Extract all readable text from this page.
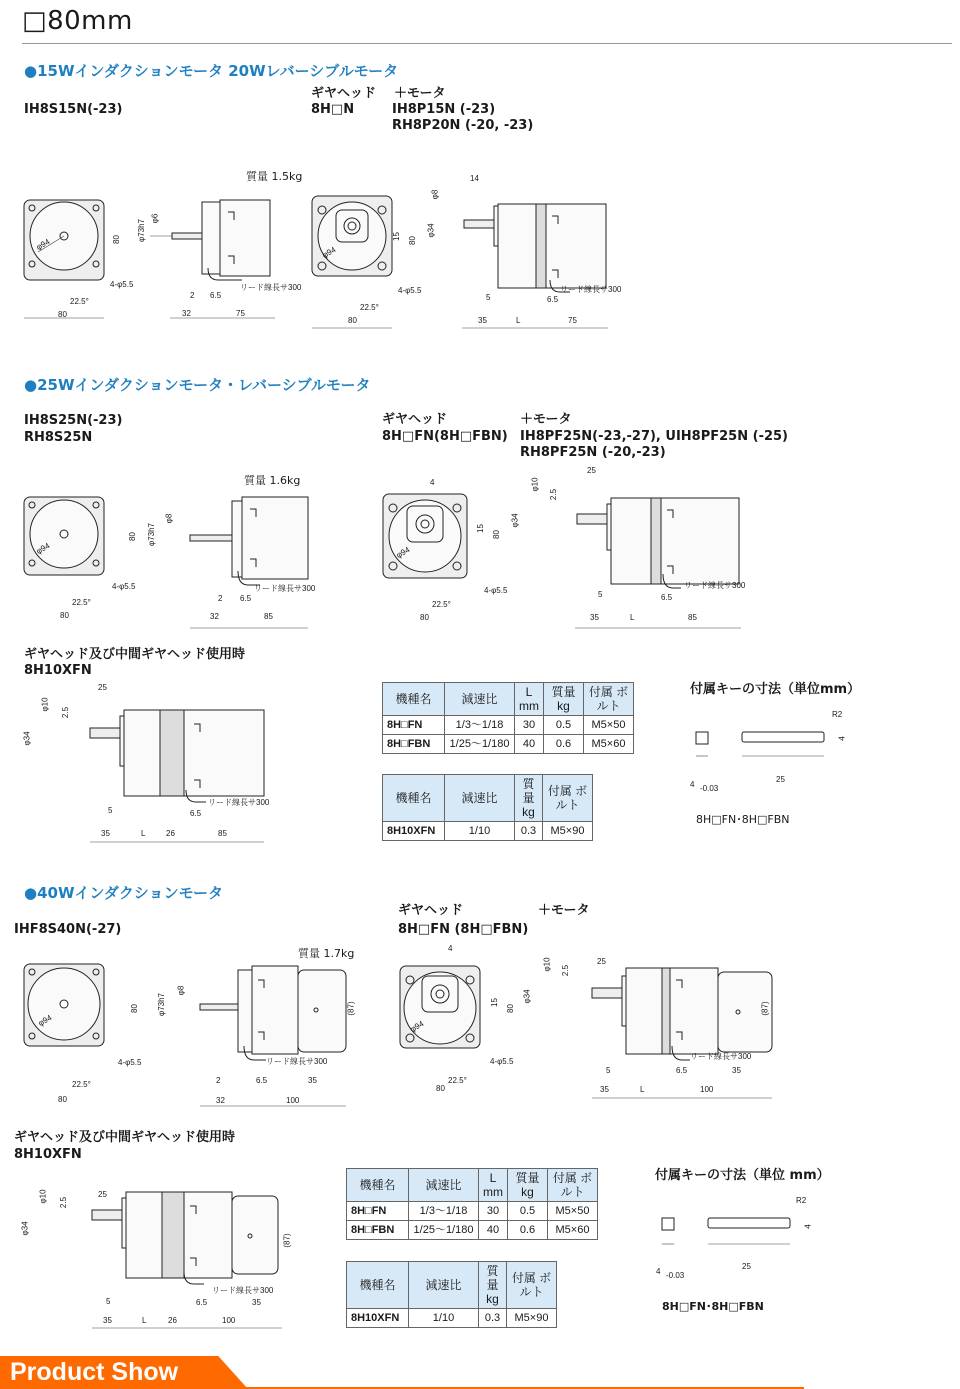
□80mm
●15Wインダクションモータ 20Wレバーシブルモータ
IH8S15N(-23)
ギヤヘッド
8H□N
＋モータ
IH8P15N (-23)
RH8P20N (-20, -23)
質量 1.5kg
φ94
4-φ5.5
22.5°
80
80 φ73h7
φ6
2 6.5
リード線長サ300
32	75
φ94
4-φ5.5
22.5°
80
15 80
14
φ8
φ34
5	6.5
リード線長サ300
35	L	75
●25Wインダクションモータ・レバーシブルモータ
IH8S25N(-23)
RH8S25N
ギヤヘッド
8H□FN(8H□FBN)
＋モータ
IH8PF25N(-23,-27), UIH8PF25N (-25)
RH8PF25N (-20,-23)
質量 1.6kg
φ94
4-φ5.5
22.5°
80
80 φ73h7
φ8
2 6.5
リード線長サ300
32	85
4
φ94
4-φ5.5
22.5°
80
15
80
25
φ10
2.5
φ34
5	6.5
リード線長サ300
35	L	85
ギヤヘッド及び中間ギヤヘッド使用時
8H10XFN
25
φ10
2.5
φ34
5	6.5
リード線長サ300
35	L	26	85
機種名	減速比	L mm	質量 kg	付属 ボルト
8H□FN	1/3〜1/18	30	0.5	M5×50
8H□FBN	1/25〜1/180	40	0.6	M5×60
機種名	減速比	質量 kg	付属 ボルト
8H10XFN	1/10	0.3	M5×90
付属キーの寸法（単位mm）
R2
4
4 -0.03
25
8H□FN･8H□FBN
●40Wインダクションモータ
ギヤヘッド	＋モータ
8H□FN (8H□FBN)
IHF8S40N(-27)
質量 1.7kg
φ94
4-φ5.5
22.5°
80
80 φ73h7
φ8
(87)
2	6.5	35
リード線長サ300
32	100
4
φ94
4-φ5.5
22.5°
80
15
80
25
φ10 2.5
φ34
(87)
5	6.5	35
リード線長サ300
35	L	100
ギヤヘッド及び中間ギヤヘッド使用時
8H10XFN
25
φ10 2.5
φ34
(87)
5	6.5	35
リード線長サ300
35	L	26	100
機種名	減速比	L mm	質量 kg	付属 ボルト
8H□FN	1/3〜1/18	30	0.5	M5×50
8H□FBN	1/25〜1/180	40	0.6	M5×60
機種名	減速比	質量 kg	付属 ボルト
8H10XFN	1/10	0.3	M5×90
付属キーの寸法（単位 mm）
R2
4
4 -0.03
25
8H□FN･8H□FBN
Product Show
